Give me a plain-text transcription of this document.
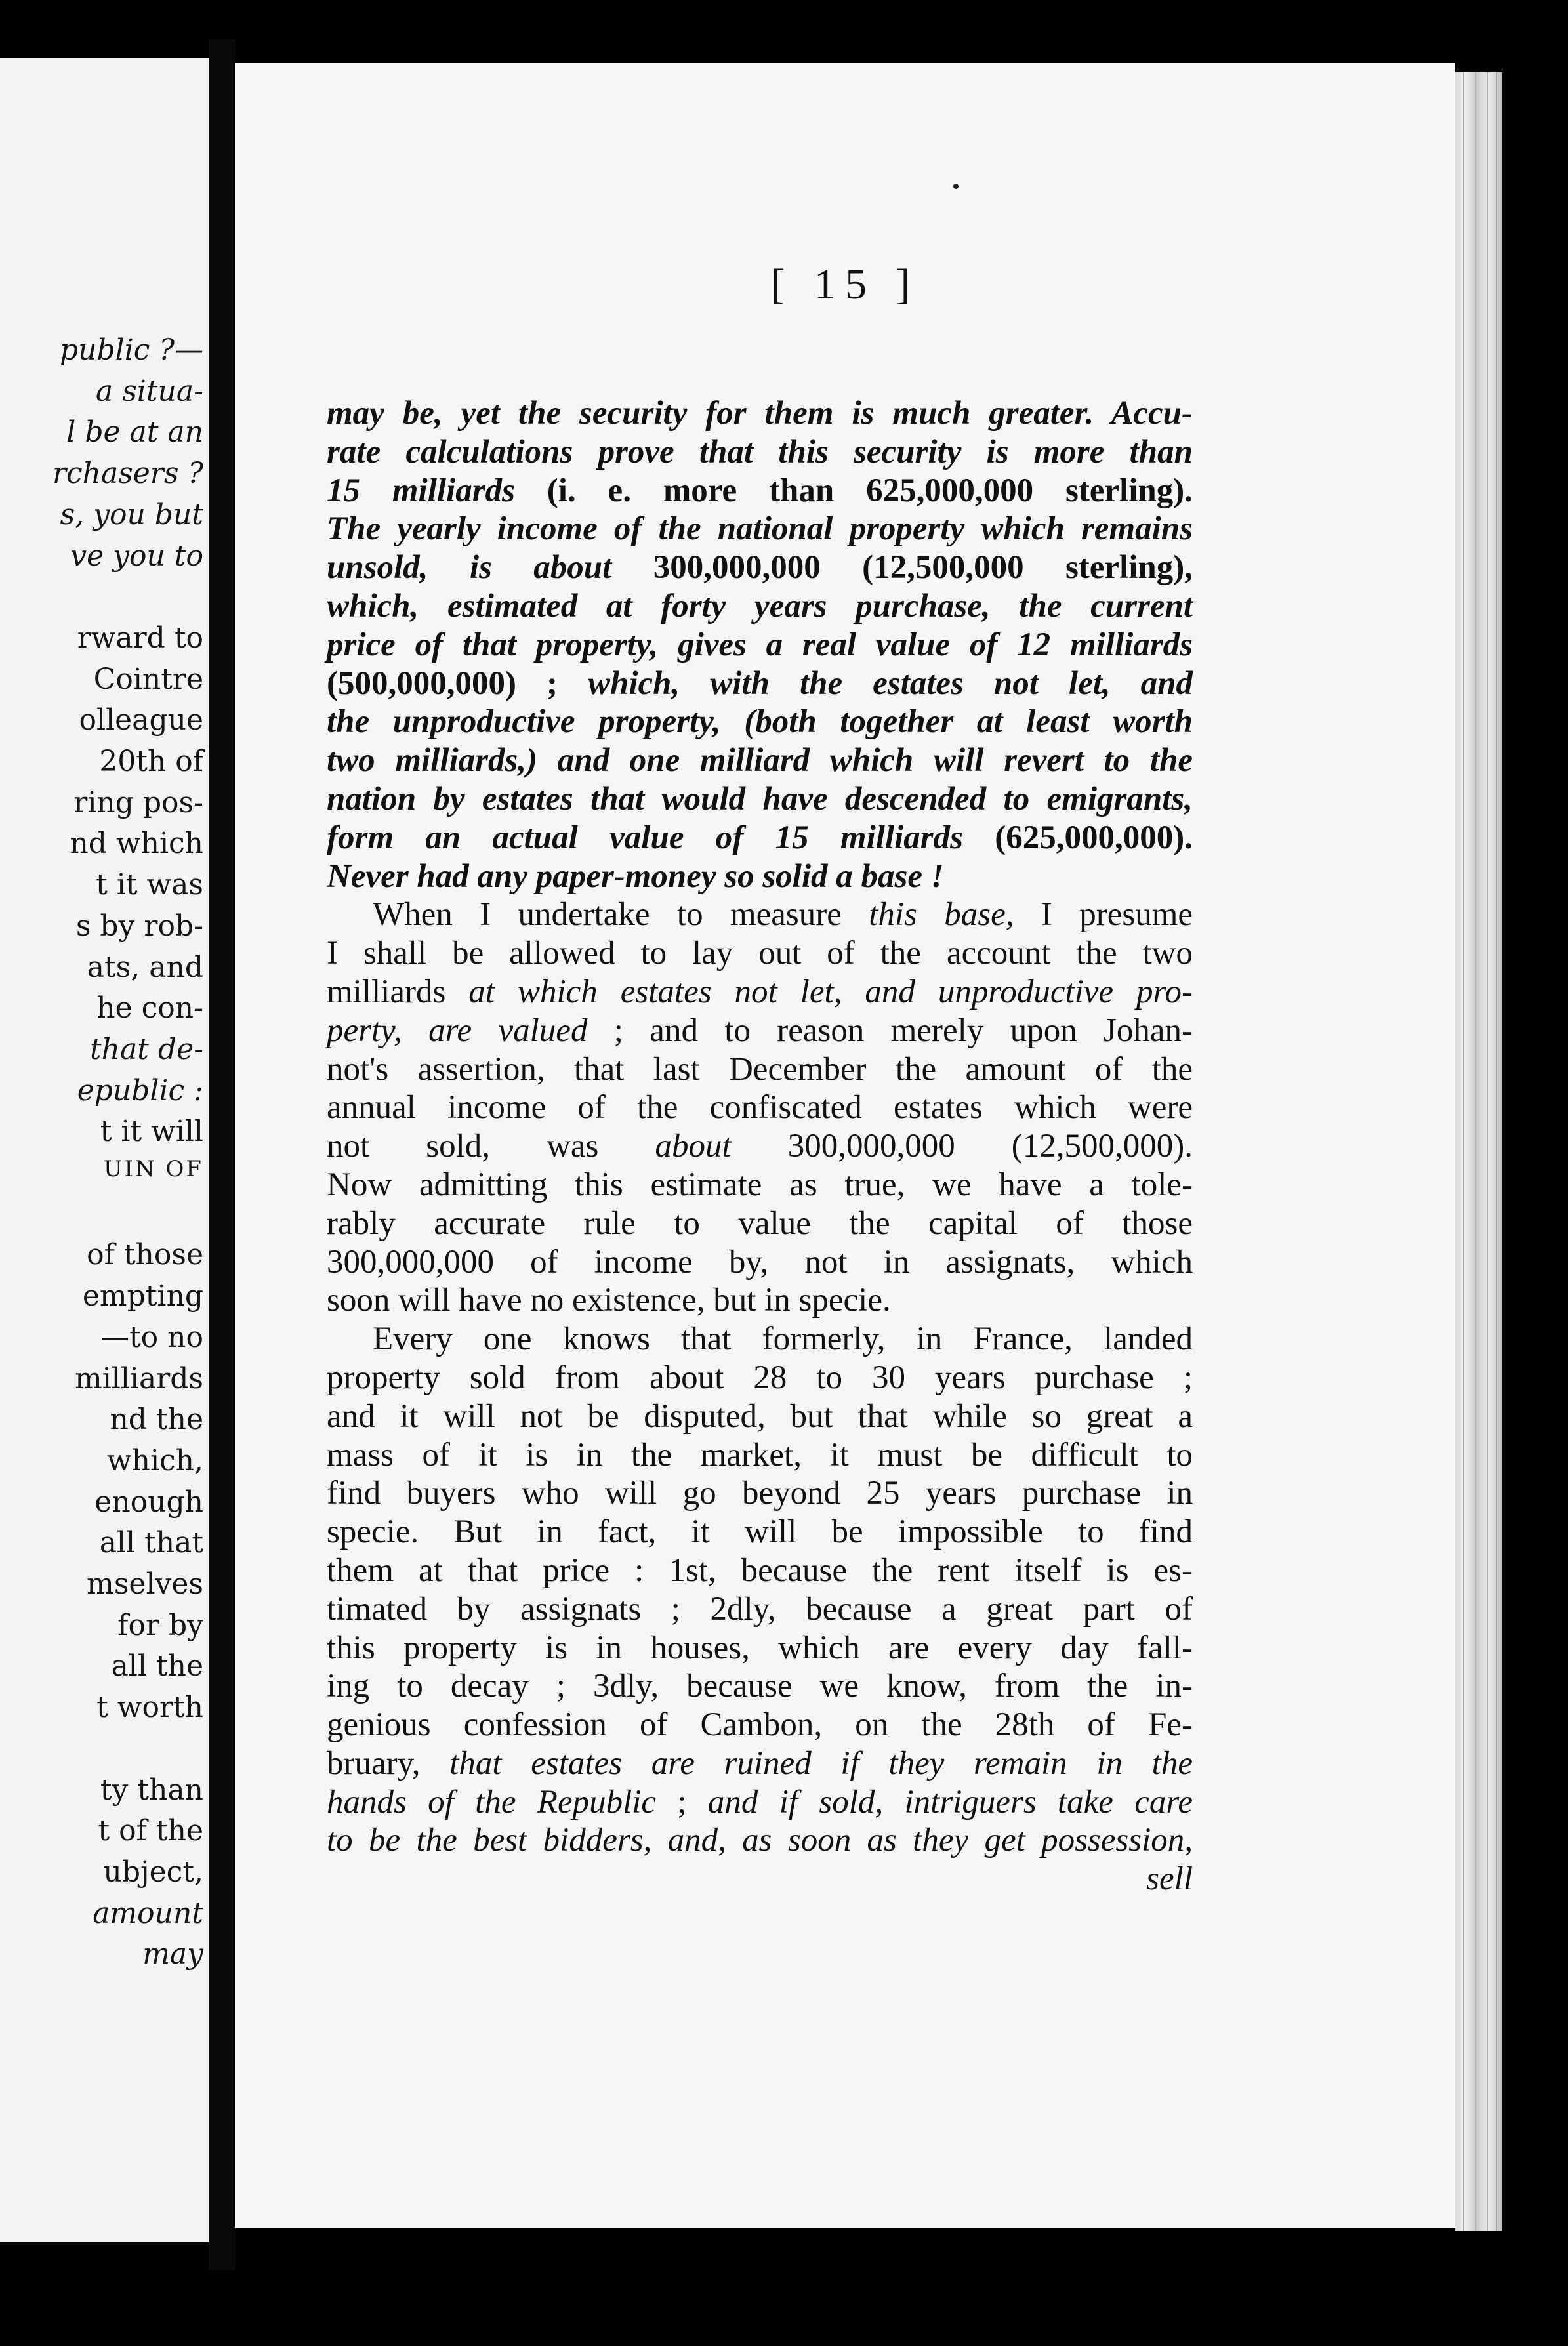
public ?—
a situa-
l be at an
rchasers ?
s, you but
ve you to
rward to
Cointre
olleague
20th of
ring pos-
nd which
t it was
s by rob-
ats, and
he con-
that de-
epublic :
t it will
UIN OF
of those
empting
—to no
milliards
nd the
which,
enough
all that
mselves
for by
all the
t worth
ty than
t of the
ubject,
amount
may
[ 15 ]
may be, yet the security for them is much greater. Accu-
rate calculations prove that this security is more than
15 milliards (i. e. more than 625,000,000 sterling).
The yearly income of the national property which remains
unsold, is about 300,000,000 (12,500,000 sterling),
which, estimated at forty years purchase, the current
price of that property, gives a real value of 12 milliards
(500,000,000) ; which, with the estates not let, and
the unproductive property, (both together at least worth
two milliards,) and one milliard which will revert to the
nation by estates that would have descended to emigrants,
form an actual value of 15 milliards (625,000,000).
Never had any paper-money so solid a base !
When I undertake to measure this base, I presume
I shall be allowed to lay out of the account the two
milliards at which estates not let, and unproductive pro-
perty, are valued ; and to reason merely upon Johan-
not's assertion, that last December the amount of the
annual income of the confiscated estates which were
not sold, was about 300,000,000 (12,500,000).
Now admitting this estimate as true, we have a tole-
rably accurate rule to value the capital of those
300,000,000 of income by, not in assignats, which
soon will have no existence, but in specie.
Every one knows that formerly, in France, landed
property sold from about 28 to 30 years purchase ;
and it will not be disputed, but that while so great a
mass of it is in the market, it must be difficult to
find buyers who will go beyond 25 years purchase in
specie. But in fact, it will be impossible to find
them at that price : 1st, because the rent itself is es-
timated by assignats ; 2dly, because a great part of
this property is in houses, which are every day fall-
ing to decay ; 3dly, because we know, from the in-
genious confession of Cambon, on the 28th of Fe-
bruary, that estates are ruined if they remain in the
hands of the Republic ; and if sold, intriguers take care
to be the best bidders, and, as soon as they get possession,
sell
